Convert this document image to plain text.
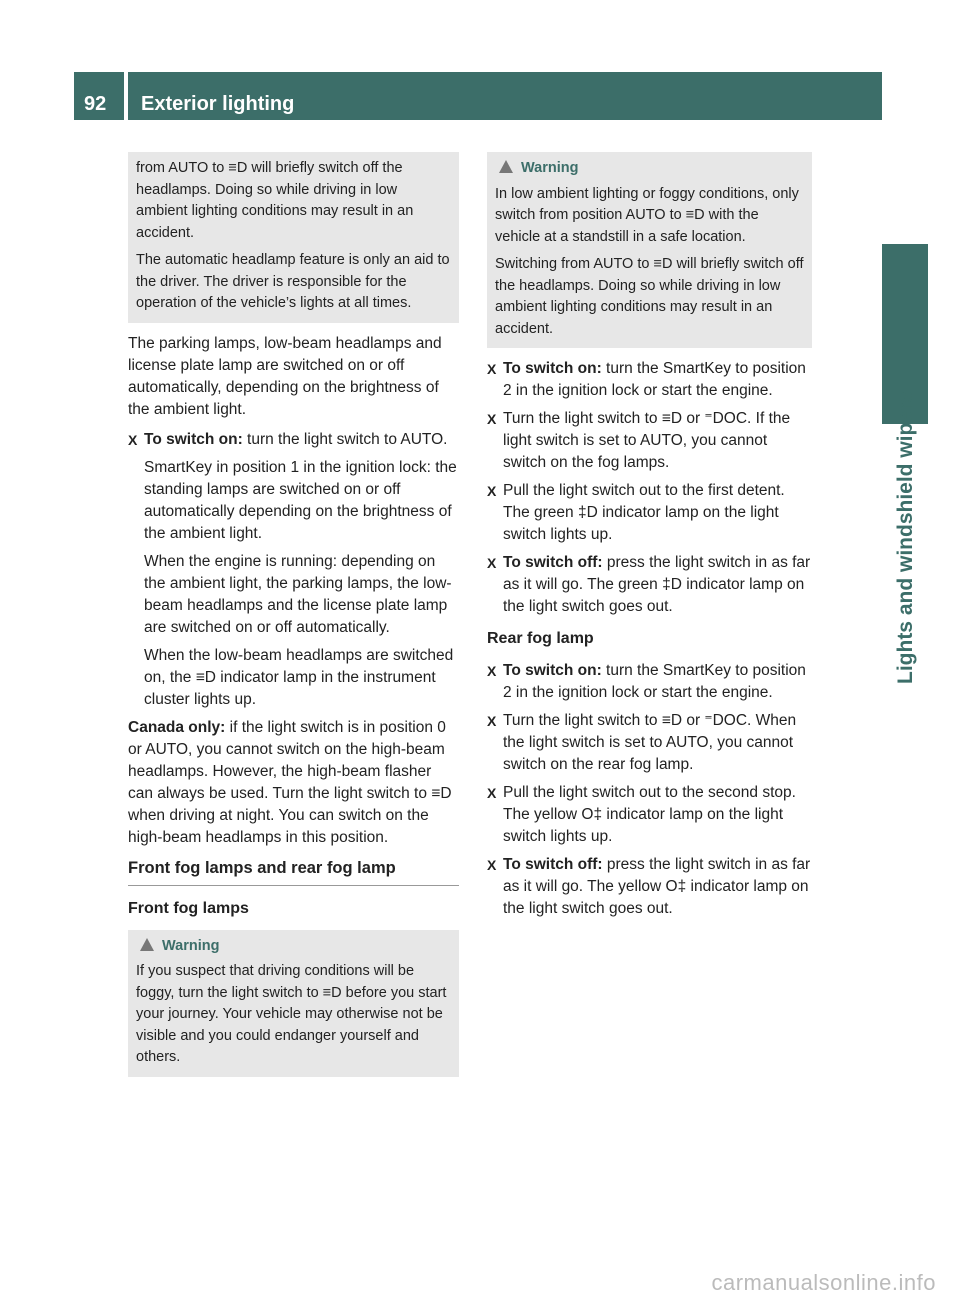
92	Exterior lighting
Lights and windshield wipers

from AUTO to ≡D will briefly switch off the headlamps. Doing so while driving in low ambient lighting conditions may result in an accident.

The automatic headlamp feature is only an aid to the driver. The driver is responsible for the operation of the vehicle’s lights at all times.

The parking lamps, low-beam headlamps and license plate lamp are switched on or off automatically, depending on the brightness of the ambient light.

X To switch on: turn the light switch to AUTO.

SmartKey in position 1 in the ignition lock: the standing lamps are switched on or off automatically depending on the brightness of the ambient light.

When the engine is running: depending on the ambient light, the parking lamps, the low-beam headlamps and the license plate lamp are switched on or off automatically.

When the low-beam headlamps are switched on, the ≡D indicator lamp in the instrument cluster lights up.

Canada only: if the light switch is in position 0 or AUTO, you cannot switch on the high-beam headlamps. However, the high-beam flasher can always be used. Turn the light switch to ≡D when driving at night. You can switch on the high-beam headlamps in this position.

Front fog lamps and rear fog lamp
Front fog lamps
Warning

If you suspect that driving conditions will be foggy, turn the light switch to ≡D before you start your journey. Your vehicle may otherwise not be visible and you could endanger yourself and others.

Warning

In low ambient lighting or foggy conditions, only switch from position AUTO to ≡D with the vehicle at a standstill in a safe location.

Switching from AUTO to ≡D will briefly switch off the headlamps. Doing so while driving in low ambient lighting conditions may result in an accident.

X To switch on: turn the SmartKey to position 2 in the ignition lock or start the engine.

X Turn the light switch to ≡D or ⁼DOC. If the light switch is set to AUTO, you cannot switch on the fog lamps.

X Pull the light switch out to the first detent. The green ‡D indicator lamp on the light switch lights up.

X To switch off: press the light switch in as far as it will go. The green ‡D indicator lamp on the light switch goes out.

Rear fog lamp
X To switch on: turn the SmartKey to position 2 in the ignition lock or start the engine.

X Turn the light switch to ≡D or ⁼DOC. When the light switch is set to AUTO, you cannot switch on the rear fog lamp.

X Pull the light switch out to the second stop. The yellow O‡ indicator lamp on the light switch lights up.

X To switch off: press the light switch in as far as it will go. The yellow O‡ indicator lamp on the light switch goes out.

carmanualsonline.info
